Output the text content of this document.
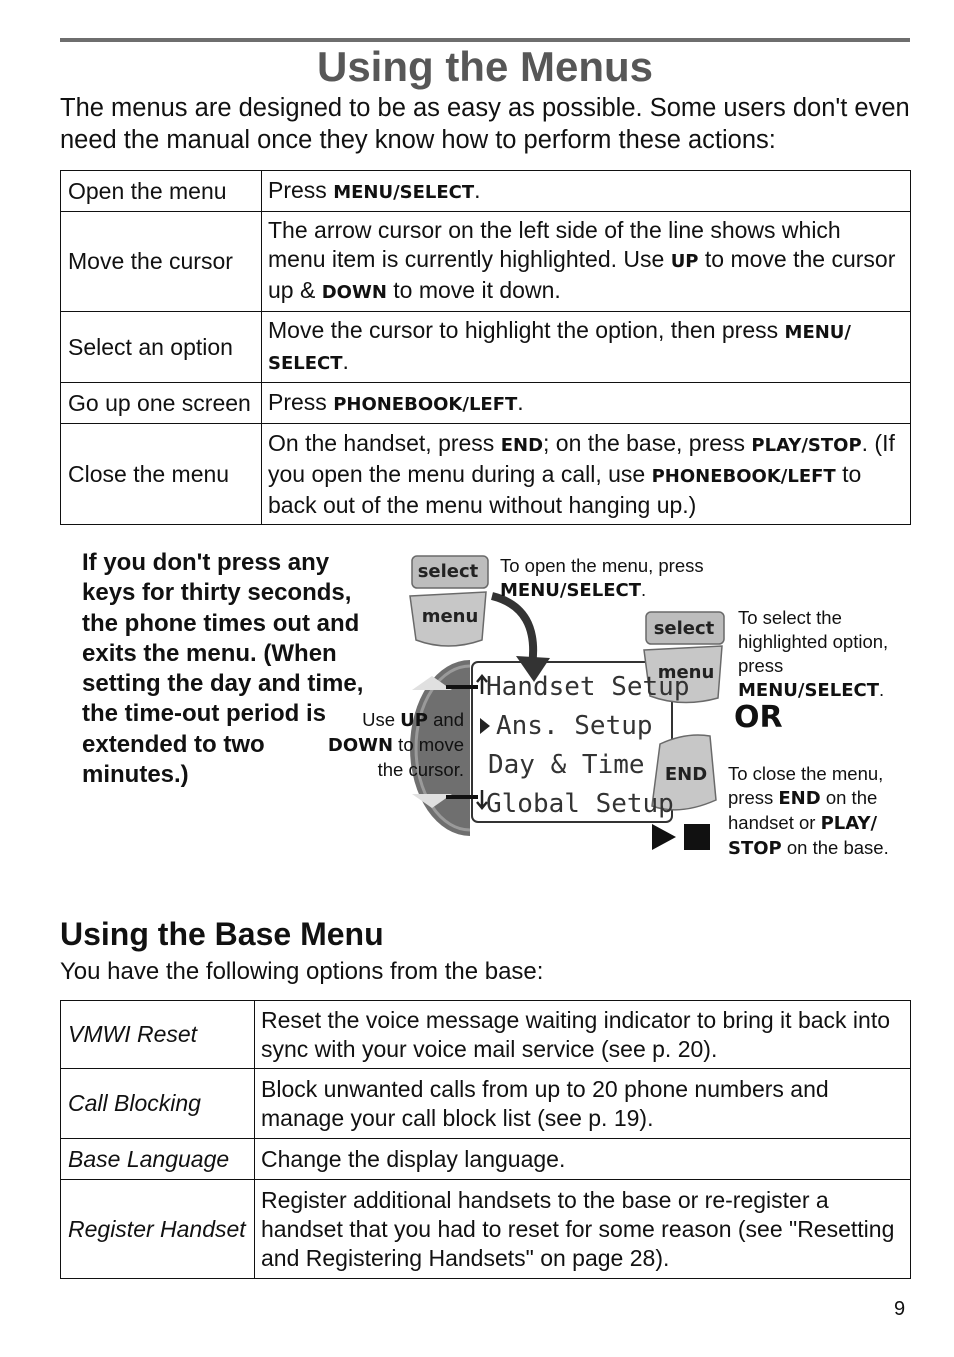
Using the Menus

The menus are designed to be as easy as possible. Some users don't even need the manual once they know how to perform these actions:

Open the menu	Press MENU/SELECT.
Move the cursor	The arrow cursor on the left side of the line shows which menu item is currently highlighted. Use UP to move the cursor up & DOWN to move it down.
Select an option	Move the cursor to highlight the option, then press MENU/ SELECT.
Go up one screen	Press PHONEBOOK/LEFT.
Close the menu	On the handset, press END; on the base, press PLAY/STOP. (If you open the menu during a call, use PHONEBOOK/LEFT to back out of the menu without hanging up.)

If you don't press any keys for thirty seconds, the phone times out and exits the menu. (When setting the day and time, the time-out period is extended to two minutes.)

select
menu
select
menu
END
Handset Setup
Ans. Setup
Day & Time
Global Setup
To open the menu, press MENU/SELECT.
To select the highlighted option, press MENU/SELECT.
OR
To close the menu, press END on the handset or PLAY/ STOP on the base.
Use UP and DOWN to move the cursor.
Using the Base Menu

You have the following options from the base:

VMWI Reset	Reset the voice message waiting indicator to bring it back into sync with your voice mail service (see p. 20).
Call Blocking	Block unwanted calls from up to 20 phone numbers and manage your call block list (see p. 19).
Base Language	Change the display language.
Register Handset	Register additional handsets to the base or re-register a handset that you had to reset for some reason (see "Resetting and Registering Handsets" on page 28).
9
